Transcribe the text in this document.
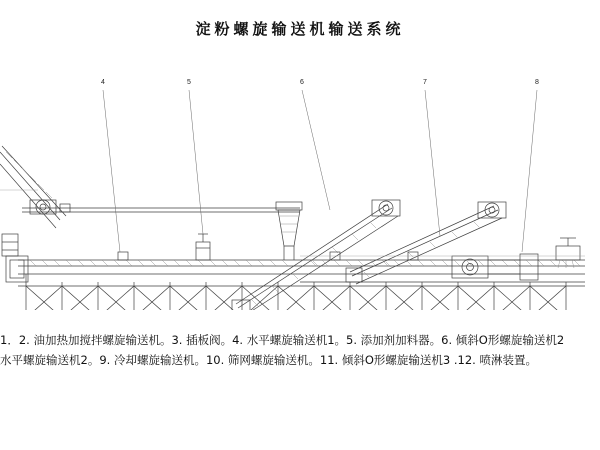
淀粉螺旋输送机输送系统
4	5	6	7	8
1．2. 油加热加搅拌螺旋输送机。3. 插板阀。4. 水平螺旋输送机1。5. 添加剂加料器。6. 倾斜O形螺旋输送机2
水平螺旋输送机2。9. 冷却螺旋输送机。10. 筛网螺旋输送机。11. 倾斜O形螺旋输送机3 .12. 喷淋装置。
